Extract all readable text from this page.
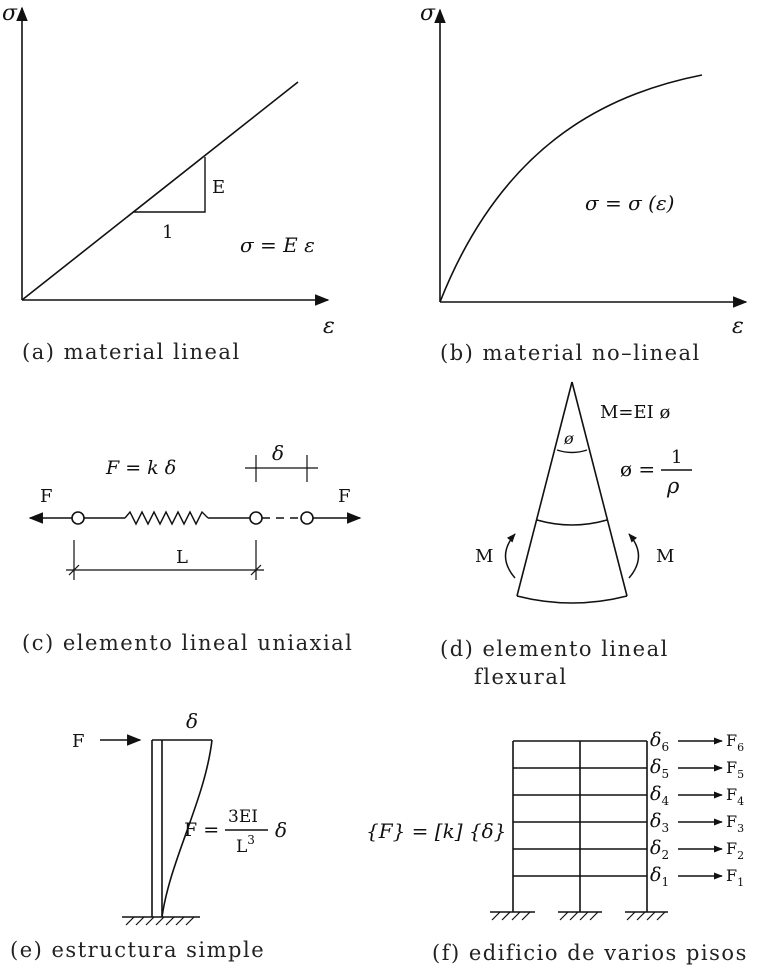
σ
ε
E
1
σ = E ε
(a) material lineal
σ
ε
σ = σ (ε)
(b) material no–lineal
F	F
F = k δ
δ
L
(c) elemento lineal uniaxial
ø
M=EI ø
ø = 1
ρ
M	M
(d) elemento lineal
flexural
F
δ
F =
3EI
$L^3$ δ
(e) estructura simple
$\delta_6$	$F_6$
$\delta_5$	$F_5$
$\delta_4$	$F_4$
$\delta_3$	$F_3$
$\delta_2$	$F_2$
$\delta_1$	$F_1$
{F} = [k] {δ}
(f) edificio de varios pisos
